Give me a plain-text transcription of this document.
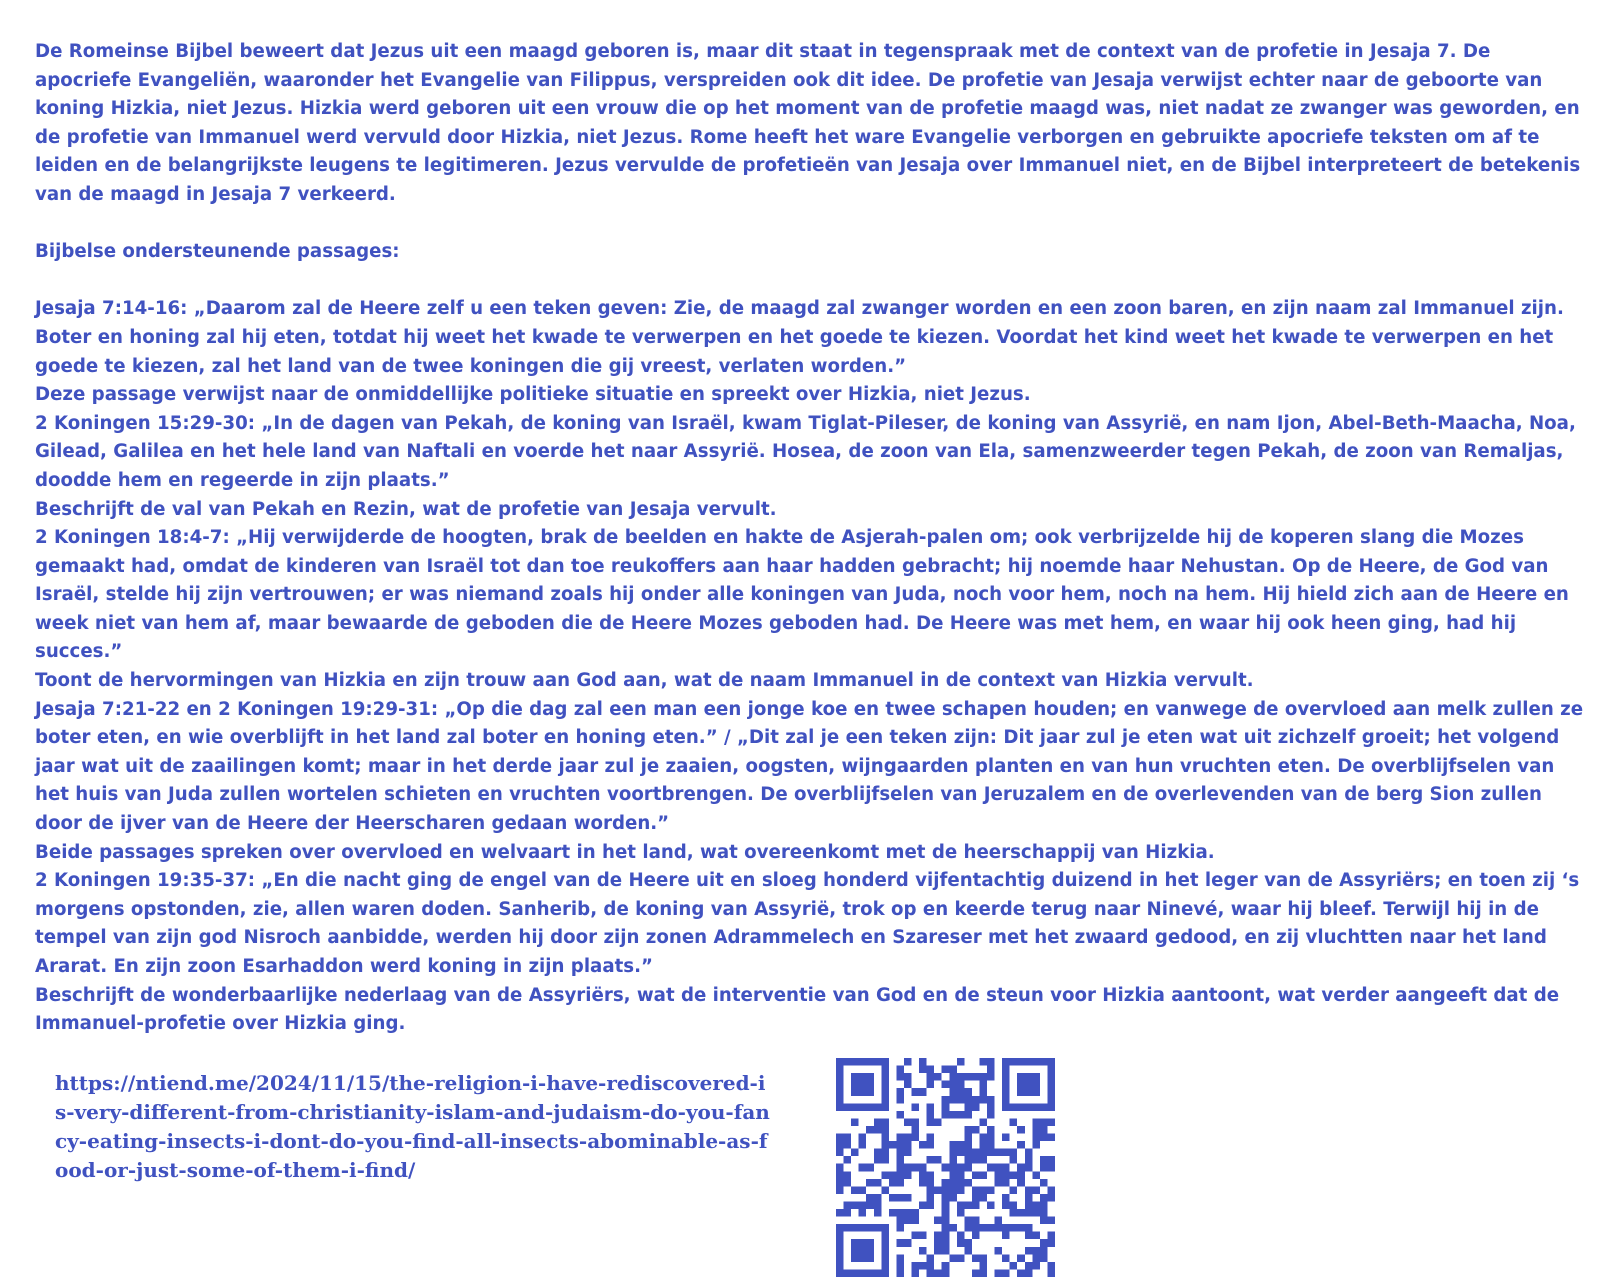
De Romeinse Bijbel beweert dat Jezus uit een maagd geboren is, maar dit staat in tegenspraak met de context van de profetie in Jesaja 7. De apocriefe Evangeliën, waaronder het Evangelie van Filippus, verspreiden ook dit idee. De profetie van Jesaja verwijst echter naar de geboorte van koning Hizkia, niet Jezus. Hizkia werd geboren uit een vrouw die op het moment van de profetie maagd was, niet nadat ze zwanger was geworden, en de profetie van Immanuel werd vervuld door Hizkia, niet Jezus. Rome heeft het ware Evangelie verborgen en gebruikte apocriefe teksten om af te leiden en de belangrijkste leugens te legitimeren. Jezus vervulde de profetieën van Jesaja over Immanuel niet, en de Bijbel interpreteert de betekenis van de maagd in Jesaja 7 verkeerd.

Bijbelse ondersteunende passages:

Jesaja 7:14-16: „Daarom zal de Heere zelf u een teken geven: Zie, de maagd zal zwanger worden en een zoon baren, en zijn naam zal Immanuel zijn. Boter en honing zal hij eten, totdat hij weet het kwade te verwerpen en het goede te kiezen. Voordat het kind weet het kwade te verwerpen en het goede te kiezen, zal het land van de twee koningen die gij vreest, verlaten worden.”

Deze passage verwijst naar de onmiddellijke politieke situatie en spreekt over Hizkia, niet Jezus.

2 Koningen 15:29-30: „In de dagen van Pekah, de koning van Israël, kwam Tiglat-Pileser, de koning van Assyrië, en nam Ijon, Abel-Beth-Maacha, Noa, Gilead, Galilea en het hele land van Naftali en voerde het naar Assyrië. Hosea, de zoon van Ela, samenzweerder tegen Pekah, de zoon van Remaljas, doodde hem en regeerde in zijn plaats.”

Beschrijft de val van Pekah en Rezin, wat de profetie van Jesaja vervult.

2 Koningen 18:4-7: „Hij verwijderde de hoogten, brak de beelden en hakte de Asjerah-palen om; ook verbrijzelde hij de koperen slang die Mozes gemaakt had, omdat de kinderen van Israël tot dan toe reukoffers aan haar hadden gebracht; hij noemde haar Nehustan. Op de Heere, de God van Israël, stelde hij zijn vertrouwen; er was niemand zoals hij onder alle koningen van Juda, noch voor hem, noch na hem. Hij hield zich aan de Heere en week niet van hem af, maar bewaarde de geboden die de Heere Mozes geboden had. De Heere was met hem, en waar hij ook heen ging, had hij succes.”

Toont de hervormingen van Hizkia en zijn trouw aan God aan, wat de naam Immanuel in de context van Hizkia vervult.

Jesaja 7:21-22 en 2 Koningen 19:29-31: „Op die dag zal een man een jonge koe en twee schapen houden; en vanwege de overvloed aan melk zullen ze boter eten, en wie overblijft in het land zal boter en honing eten.” / „Dit zal je een teken zijn: Dit jaar zul je eten wat uit zichzelf groeit; het volgend jaar wat uit de zaailingen komt; maar in het derde jaar zul je zaaien, oogsten, wijngaarden planten en van hun vruchten eten. De overblijfselen van het huis van Juda zullen wortelen schieten en vruchten voortbrengen. De overblijfselen van Jeruzalem en de overlevenden van de berg Sion zullen door de ijver van de Heere der Heerscharen gedaan worden.”

Beide passages spreken over overvloed en welvaart in het land, wat overeenkomt met de heerschappij van Hizkia.

2 Koningen 19:35-37: „En die nacht ging de engel van de Heere uit en sloeg honderd vijfentachtig duizend in het leger van de Assyriërs; en toen zij ‘s morgens opstonden, zie, allen waren doden. Sanherib, de koning van Assyrië, trok op en keerde terug naar Ninevé, waar hij bleef. Terwijl hij in de tempel van zijn god Nisroch aanbidde, werden hij door zijn zonen Adrammelech en Szareser met het zwaard gedood, en zij vluchtten naar het land Ararat. En zijn zoon Esarhaddon werd koning in zijn plaats.”

Beschrijft de wonderbaarlijke nederlaag van de Assyriërs, wat de interventie van God en de steun voor Hizkia aantoont, wat verder aangeeft dat de Immanuel-profetie over Hizkia ging.

https://ntiend.me/2024/11/15/the-religion-i-have-rediscovered-is-very-different-from-christianity-islam-and-judaism-do-you-fancy-eating-insects-i-dont-do-you-find-all-insects-abominable-as-food-or-just-some-of-them-i-find/
